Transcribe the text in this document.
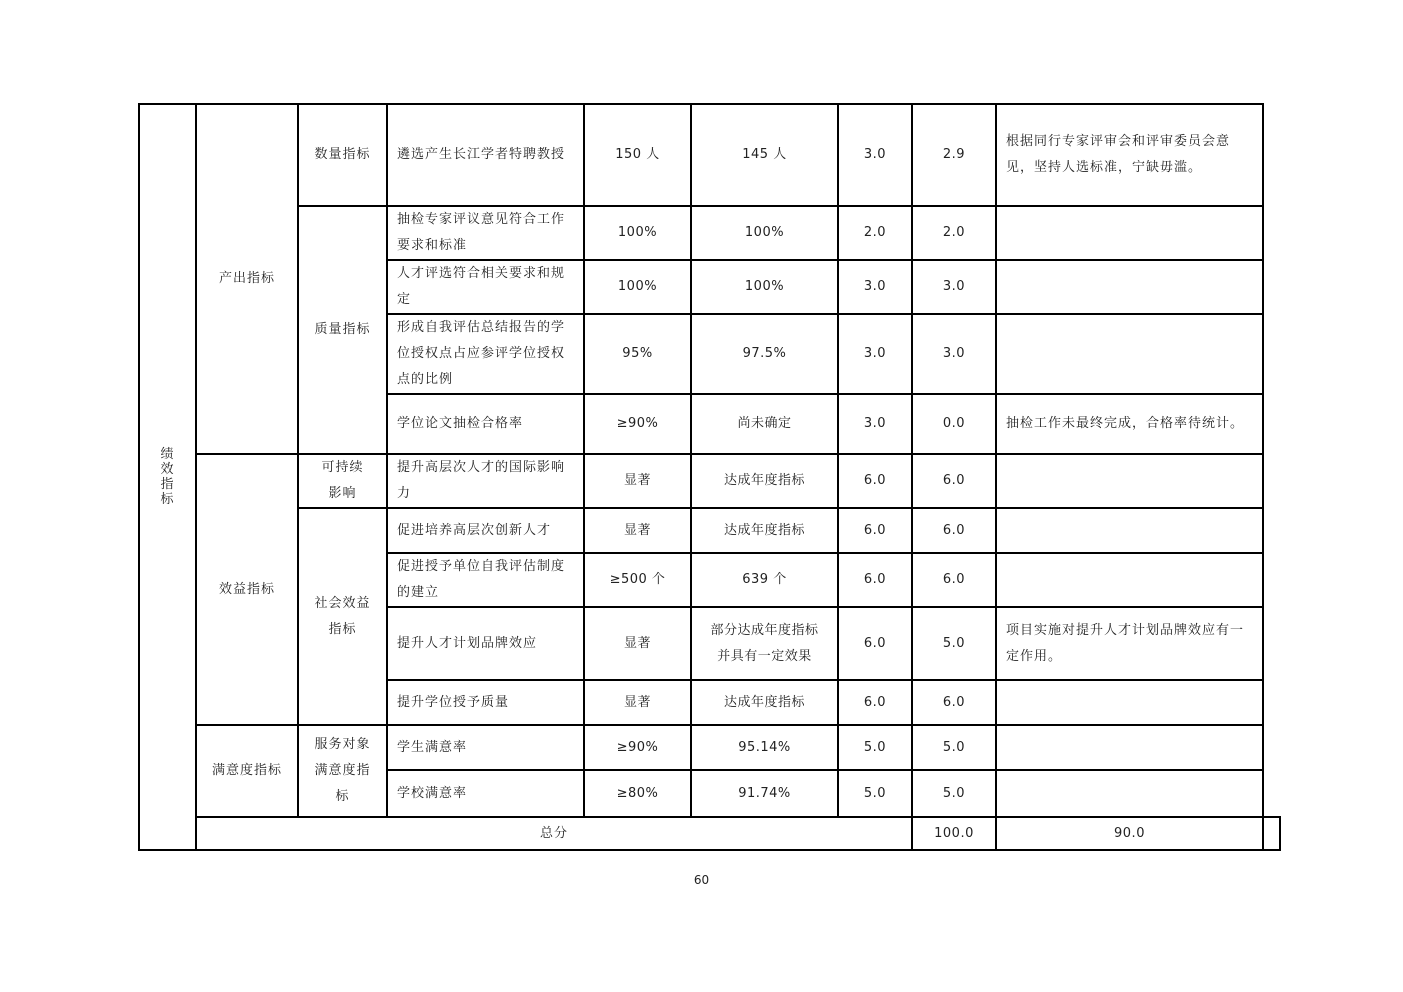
绩效指标	产出指标	数量指标	遴选产生长江学者特聘教授	150 人	145 人	3.0	2.9	根据同行专家评审会和评审委员会意见，坚持人选标准，宁缺毋滥。	
		质量指标	抽检专家评议意见符合工作要求和标准	100%	100%	2.0	2.0		
			人才评选符合相关要求和规定	100%	100%	3.0	3.0		
			形成自我评估总结报告的学位授权点占应参评学位授权点的比例	95%	97.5%	3.0	3.0		
			学位论文抽检合格率	≥90%	尚未确定	3.0	0.0	抽检工作未最终完成，合格率待统计。	
	效益指标	可持续影响	提升高层次人才的国际影响力	显著	达成年度指标	6.0	6.0		
		社会效益指标	促进培养高层次创新人才	显著	达成年度指标	6.0	6.0		
			促进授予单位自我评估制度的建立	≥500 个	639 个	6.0	6.0		
			提升人才计划品牌效应	显著	部分达成年度指标并具有一定效果	6.0	5.0	项目实施对提升人才计划品牌效应有一定作用。	
			提升学位授予质量	显著	达成年度指标	6.0	6.0		
	满意度指标	服务对象满意度指标	学生满意率	≥90%	95.14%	5.0	5.0		
			学校满意率	≥80%	91.74%	5.0	5.0		
	总分						100.0	90.0	
60
